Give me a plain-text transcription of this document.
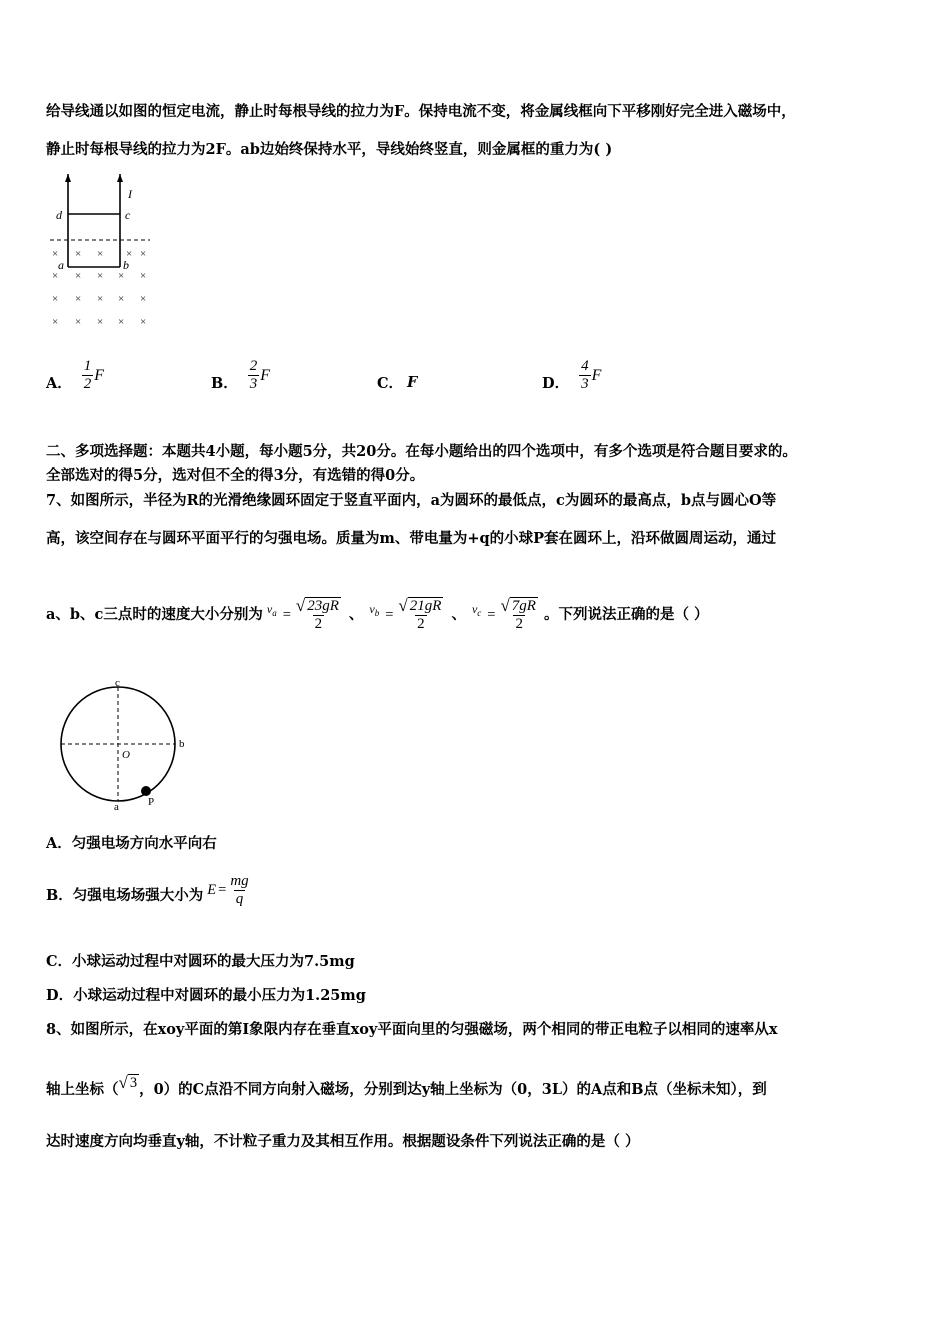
给导线通以如图的恒定电流，静止时每根导线的拉力为F。保持电流不变，将金属线框向下平移刚好完全进入磁场中，
静止时每根导线的拉力为2F。ab边始终保持水平，导线始终竖直，则金属框的重力为( )
I
d	c
a	b
× × × × ×
× × × × ×
× × × × ×
× × × × ×
A． $\frac{1}{2}$ F	B． $\frac{2}{3}$ F	C． F	D． $\frac{4}{3}$ F
二、多项选择题：本题共4小题，每小题5分，共20分。在每小题给出的四个选项中，有多个选项是符合题目要求的。
全部选对的得5分，选对但不全的得3分，有选错的得0分。
7、如图所示，半径为R的光滑绝缘圆环固定于竖直平面内，a为圆环的最低点，c为圆环的最高点，b点与圆心O等
高，该空间存在与圆环平面平行的匀强电场。质量为m、带电量为+q的小球P套在圆环上，沿环做圆周运动，通过
a、b、c三点时的速度大小分别为 $v_a = \frac{√ 23gR}{2}$ 、 $v_b = \frac{√ 21gR}{2}$ 、 $v_c = \frac{√ 7gR}{2}$ 。下列说法正确的是（ ）
c
b
O
a	P
A．匀强电场方向水平向右
B．匀强电场场强大小为 $E = \frac{mg}{q}$
C．小球运动过程中对圆环的最大压力为7.5mg
D．小球运动过程中对圆环的最小压力为1.25mg
8、如图所示，在xoy平面的第Ⅰ象限内存在垂直xoy平面向里的匀强磁场，两个相同的带正电粒子以相同的速率从x
轴上坐标（ √ 3 ，0）的C点沿不同方向射入磁场，分别到达y轴上坐标为（0，3L）的A点和B点（坐标未知），到
达时速度方向均垂直y轴，不计粒子重力及其相互作用。根据题设条件下列说法正确的是（ ）
